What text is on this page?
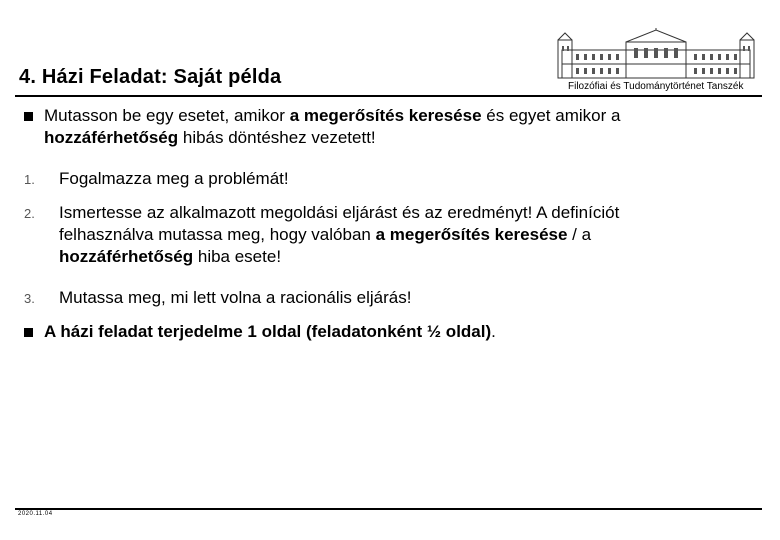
4. Házi Feladat: Saját példa	Filozófiai és Tudománytörténet Tanszék
Mutasson be egy esetet, amikor a megerősítés keresése és egyet amikor a
hozzáférhetőség hibás döntéshez vezetett!
1. Fogalmazza meg a problémát!
2. Ismertesse az alkalmazott megoldási eljárást és az eredményt! A definíciót
felhasználva mutassa meg, hogy valóban a megerősítés keresése / a
hozzáférhetőség hiba esete!
3. Mutassa meg, mi lett volna a racionális eljárás!
A házi feladat terjedelme 1 oldal (feladatonként ½ oldal).
2020.11.04
